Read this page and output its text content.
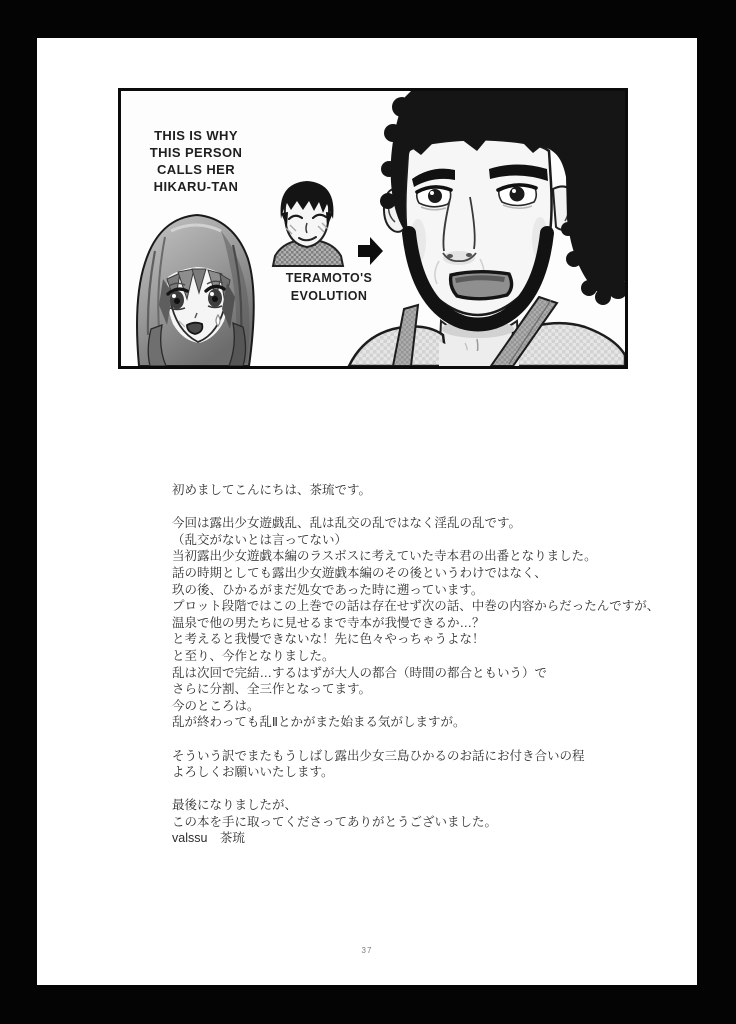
THIS IS WHY
THIS PERSON
CALLS HER
HIKARU-TAN
TERAMOTO'S
EVOLUTION
初めましてこんにちは、茶琉です。

今回は露出少女遊戯乱、乱は乱交の乱ではなく淫乱の乱です。
（乱交がないとは言ってない）
当初露出少女遊戯本編のラスボスに考えていた寺本君の出番となりました。
話の時期としても露出少女遊戯本編のその後というわけではなく、
玖の後、ひかるがまだ処女であった時に遡っています。
プロット段階ではこの上巻での話は存在せず次の話、中巻の内容からだったんですが、
温泉で他の男たちに見せるまで寺本が我慢できるか…？
と考えると我慢できないな！先に色々やっちゃうよな！
と至り、今作となりました。
乱は次回で完結…するはずが大人の都合（時間の都合ともいう）で
さらに分割、全三作となってます。
今のところは。
乱が終わっても乱Ⅱとかがまた始まる気がしますが。

そういう訳でまたもうしばし露出少女三島ひかるのお話にお付き合いの程
よろしくお願いいたします。

最後になりましたが、
この本を手に取ってくださってありがとうございました。
valssu　茶琉
37
